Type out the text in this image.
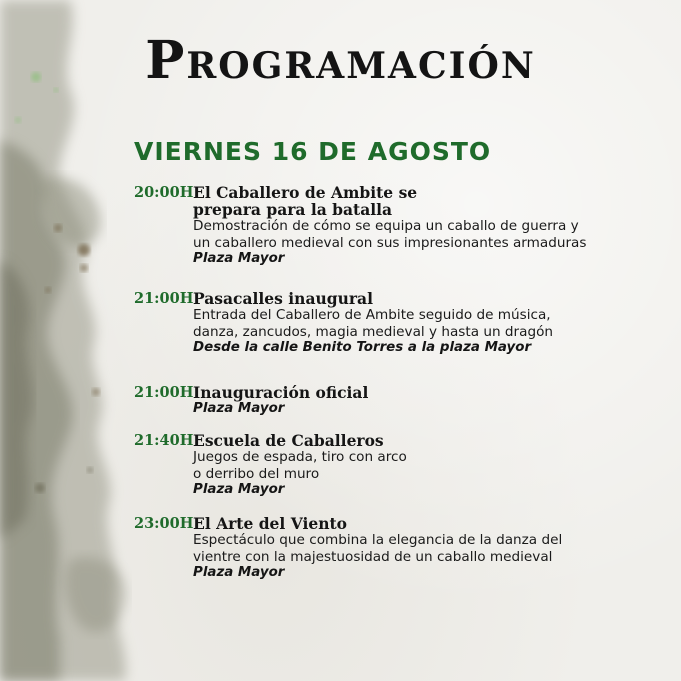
Programación
VIERNES 16 DE AGOSTO
20:00H El Caballero de Ambite se
prepara para la batalla

Demostración de cómo se equipa un caballo de guerra y
un caballero medieval con sus impresionantes armaduras

Plaza Mayor

21:00H Pasacalles inaugural

Entrada del Caballero de Ambite seguido de música,
danza, zancudos, magia medieval y hasta un dragón

Desde la calle Benito Torres a la plaza Mayor

21:00H Inauguración oficial

Plaza Mayor

21:40H Escuela de Caballeros

Juegos de espada, tiro con arco
o derribo del muro

Plaza Mayor

23:00H El Arte del Viento

Espectáculo que combina la elegancia de la danza del
vientre con la majestuosidad de un caballo medieval

Plaza Mayor
